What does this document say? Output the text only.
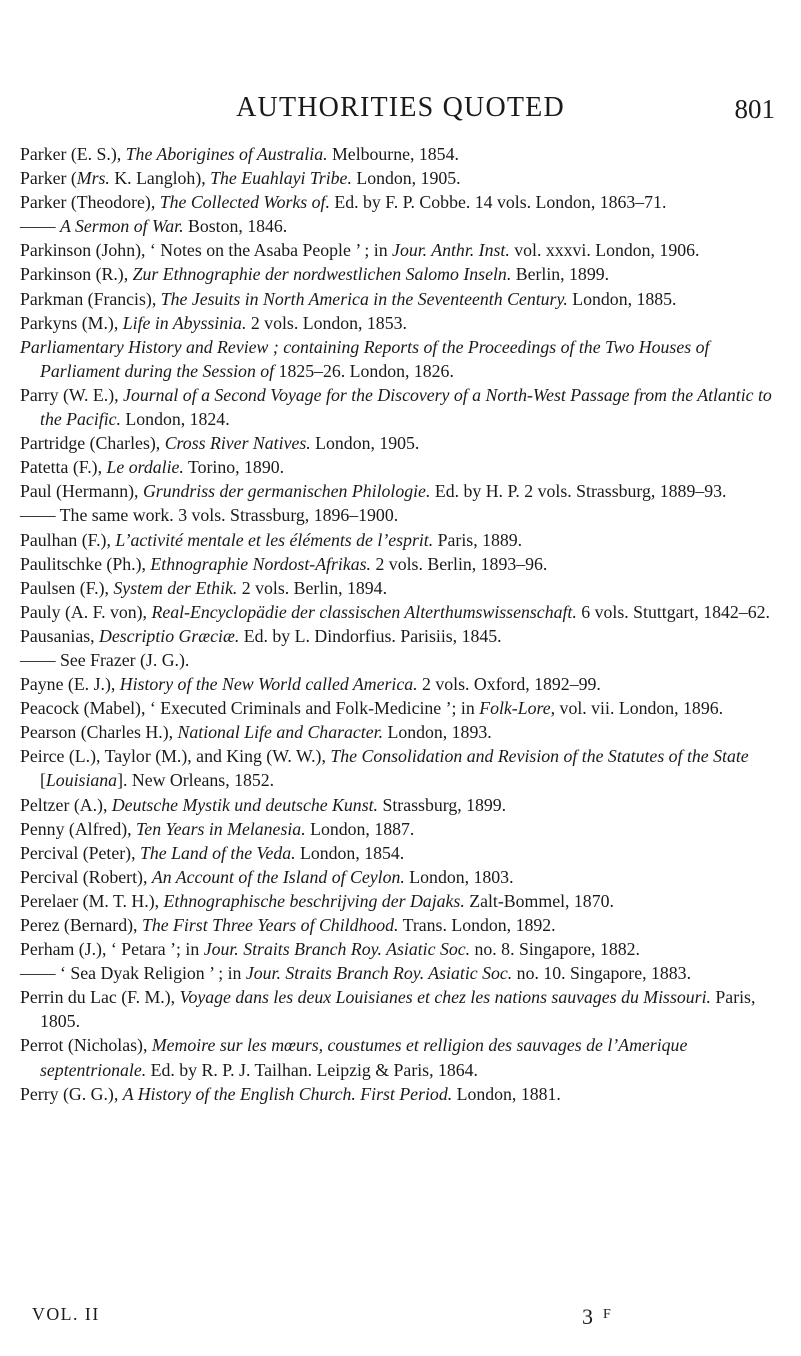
AUTHORITIES QUOTED	801

Parker (E. S.), The Aborigines of Australia. Melbourne, 1854.

Parker (Mrs. K. Langloh), The Euahlayi Tribe. London, 1905.

Parker (Theodore), The Collected Works of. Ed. by F. P. Cobbe. 14 vols. London, 1863–71.

—— A Sermon of War. Boston, 1846.

Parkinson (John), ‘ Notes on the Asaba People ’ ; in Jour. Anthr. Inst. vol. xxxvi. London, 1906.

Parkinson (R.), Zur Ethnographie der nordwestlichen Salomo Inseln. Berlin, 1899.

Parkman (Francis), The Jesuits in North America in the Seventeenth Century. London, 1885.

Parkyns (M.), Life in Abyssinia. 2 vols. London, 1853.

Parliamentary History and Review ; containing Reports of the Proceedings of the Two Houses of Parliament during the Session of 1825–26. London, 1826.

Parry (W. E.), Journal of a Second Voyage for the Discovery of a North-West Passage from the Atlantic to the Pacific. London, 1824.

Partridge (Charles), Cross River Natives. London, 1905.

Patetta (F.), Le ordalie. Torino, 1890.

Paul (Hermann), Grundriss der germanischen Philologie. Ed. by H. P. 2 vols. Strassburg, 1889–93.

—— The same work. 3 vols. Strassburg, 1896–1900.

Paulhan (F.), L’activité mentale et les éléments de l’esprit. Paris, 1889.

Paulitschke (Ph.), Ethnographie Nordost-Afrikas. 2 vols. Berlin, 1893–96.

Paulsen (F.), System der Ethik. 2 vols. Berlin, 1894.

Pauly (A. F. von), Real-Encyclopädie der classischen Alterthumswissenschaft. 6 vols. Stuttgart, 1842–62.

Pausanias, Descriptio Græciæ. Ed. by L. Dindorfius. Parisiis, 1845.

—— See Frazer (J. G.).

Payne (E. J.), History of the New World called America. 2 vols. Oxford, 1892–99.

Peacock (Mabel), ‘ Executed Criminals and Folk-Medicine ’; in Folk-Lore, vol. vii. London, 1896.

Pearson (Charles H.), National Life and Character. London, 1893.

Peirce (L.), Taylor (M.), and King (W. W.), The Consolidation and Revision of the Statutes of the State [Louisiana]. New Orleans, 1852.

Peltzer (A.), Deutsche Mystik und deutsche Kunst. Strassburg, 1899.

Penny (Alfred), Ten Years in Melanesia. London, 1887.

Percival (Peter), The Land of the Veda. London, 1854.

Percival (Robert), An Account of the Island of Ceylon. London, 1803.

Perelaer (M. T. H.), Ethnographische beschrijving der Dajaks. Zalt-Bommel, 1870.

Perez (Bernard), The First Three Years of Childhood. Trans. London, 1892.

Perham (J.), ‘ Petara ’; in Jour. Straits Branch Roy. Asiatic Soc. no. 8. Singapore, 1882.

—— ‘ Sea Dyak Religion ’ ; in Jour. Straits Branch Roy. Asiatic Soc. no. 10. Singapore, 1883.

Perrin du Lac (F. M.), Voyage dans les deux Louisianes et chez les nations sauvages du Missouri. Paris, 1805.

Perrot (Nicholas), Memoire sur les mœurs, coustumes et relligion des sauvages de l’Amerique septentrionale. Ed. by R. P. J. Tailhan. Leipzig & Paris, 1864.

Perry (G. G.), A History of the English Church. First Period. London, 1881.

VOL. II	3 $^F$
